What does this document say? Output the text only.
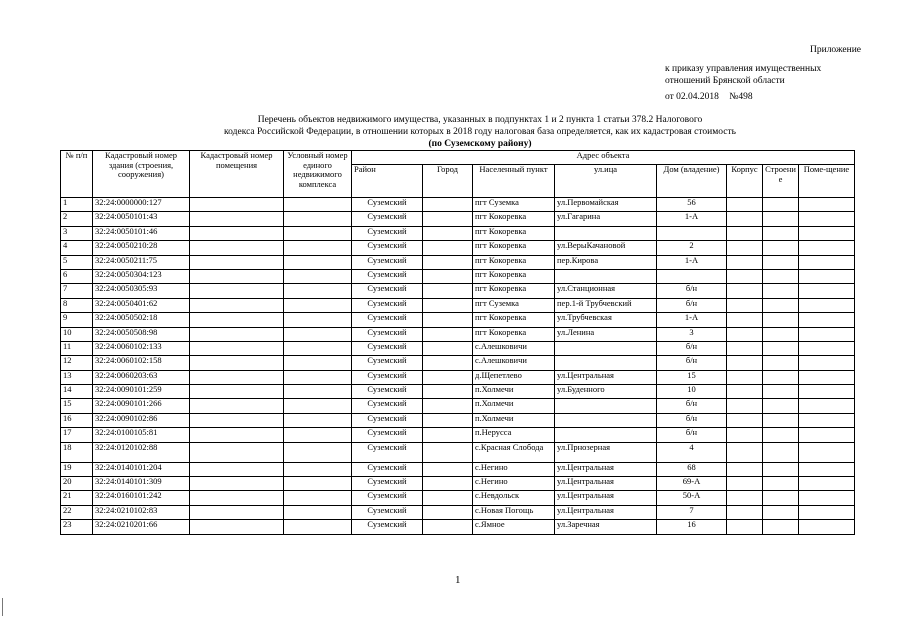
Приложение
к приказу управления имущественных
отношений Брянской области
от 02.04.2018 №498
Перечень объектов недвижимого имущества, указанных в подпунктах 1 и 2 пункта 1 статьи 378.2 Налогового
кодекса Российской Федерации, в отношении которых в 2018 году налоговая база определяется, как их кадастровая стоимость
(по Суземскому району)
№ п/п	Кадастровый номер здания (строения, сооружения)	Кадастровый номер помещения	Условный номер единого недвижимого комплекса	Адрес объекта							
				Район	Город	Населенный пункт	ул.ица	Дом (владение)	Корпус	Строени е	Поме-щение
1	32:24:0000000:127			Суземский		пгт Суземка	ул.Первомайская	56			
2	32:24:0050101:43			Суземский		пгт Кокоревка	ул.Гагарина	1-А			
3	32:24:0050101:46			Суземский		пгт Кокоревка					
4	32:24:0050210:28			Суземский		пгт Кокоревка	ул.ВерыКачановой	2			
5	32:24:0050211:75			Суземский		пгт Кокоревка	пер.Кирова	1-А			
6	32:24:0050304:123			Суземский		пгт Кокоревка					
7	32:24:0050305:93			Суземский		пгт Кокоревка	ул.Станционная	б/н			
8	32:24:0050401:62			Суземский		пгт Суземка	пер.1-й Трубчевский	б/н			
9	32:24:0050502:18			Суземский		пгт Кокоревка	ул.Трубчевская	1-А			
10	32:24:0050508:98			Суземский		пгт Кокоревка	ул.Ленина	3			
11	32:24:0060102:133			Суземский		с.Алешковичи		б/н			
12	32:24:0060102:158			Суземский		с.Алешковичи		б/н			
13	32:24:0060203:63			Суземский		д.Щепетлево	ул.Центральная	15			
14	32:24:0090101:259			Суземский		п.Холмечи	ул.Буденного	10			
15	32:24:0090101:266			Суземский		п.Холмечи		б/н			
16	32:24:0090102:86			Суземский		п.Холмечи		б/н			
17	32:24:0100105:81			Суземский		п.Нерусса		б/н			
18	32:24:0120102:88			Суземский		с.Красная Слобода	ул.Прнозерная	4			
19	32:24:0140101:204			Суземский		с.Негино	ул.Центральная	68			
20	32:24:0140101:309			Суземский		с.Негино	ул.Центральная	69-А			
21	32:24:0160101:242			Суземский		с.Невдольск	ул.Центральная	50-А			
22	32:24:0210102:83			Суземский		с.Новая Погощь	ул.Центральная	7			
23	32:24:0210201:66			Суземский		с.Ямное	ул.Заречная	16			
1
